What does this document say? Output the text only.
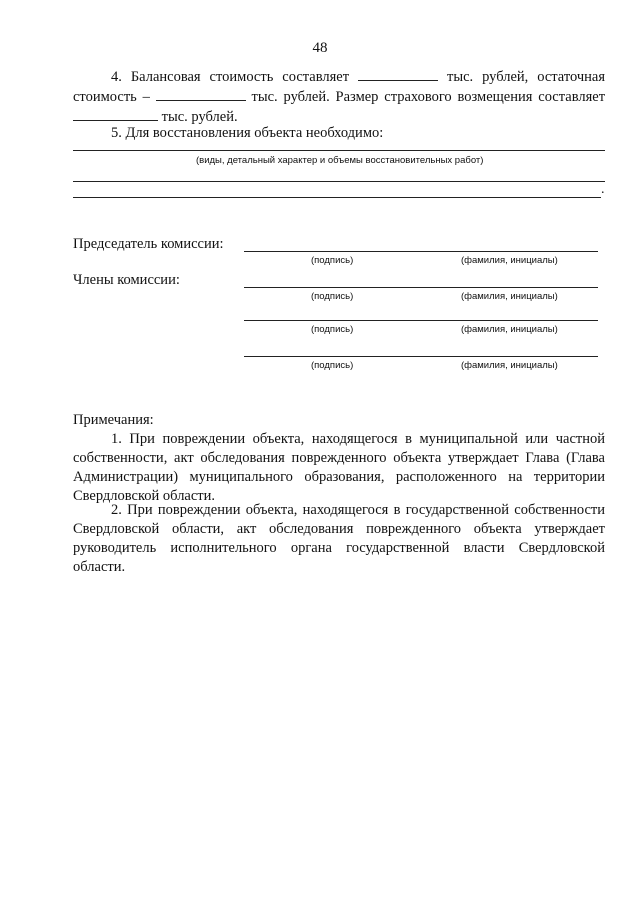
48
4. Балансовая стоимость составляет	тыс. рублей, остаточная стоимость –	тыс. рублей. Размер страхового возмещения составляет  тыс. рублей.
5. Для восстановления объекта необходимо:
(виды, детальный характер и объемы восстановительных работ)
.
Председатель комиссии:
(подпись)	(фамилия, инициалы)
Члены комиссии:
(подпись)	(фамилия, инициалы)
(подпись)	(фамилия, инициалы)
(подпись)	(фамилия, инициалы)
Примечания:
1. При повреждении объекта, находящегося в муниципальной или частной собственности, акт обследования поврежденного объекта утверждает Глава (Глава Администрации) муниципального образования, расположенного на территории Свердловской области.
2. При повреждении объекта, находящегося в государственной собственности Свердловской области, акт обследования поврежденного объекта утверждает руководитель исполнительного органа государственной власти Свердловской области.
